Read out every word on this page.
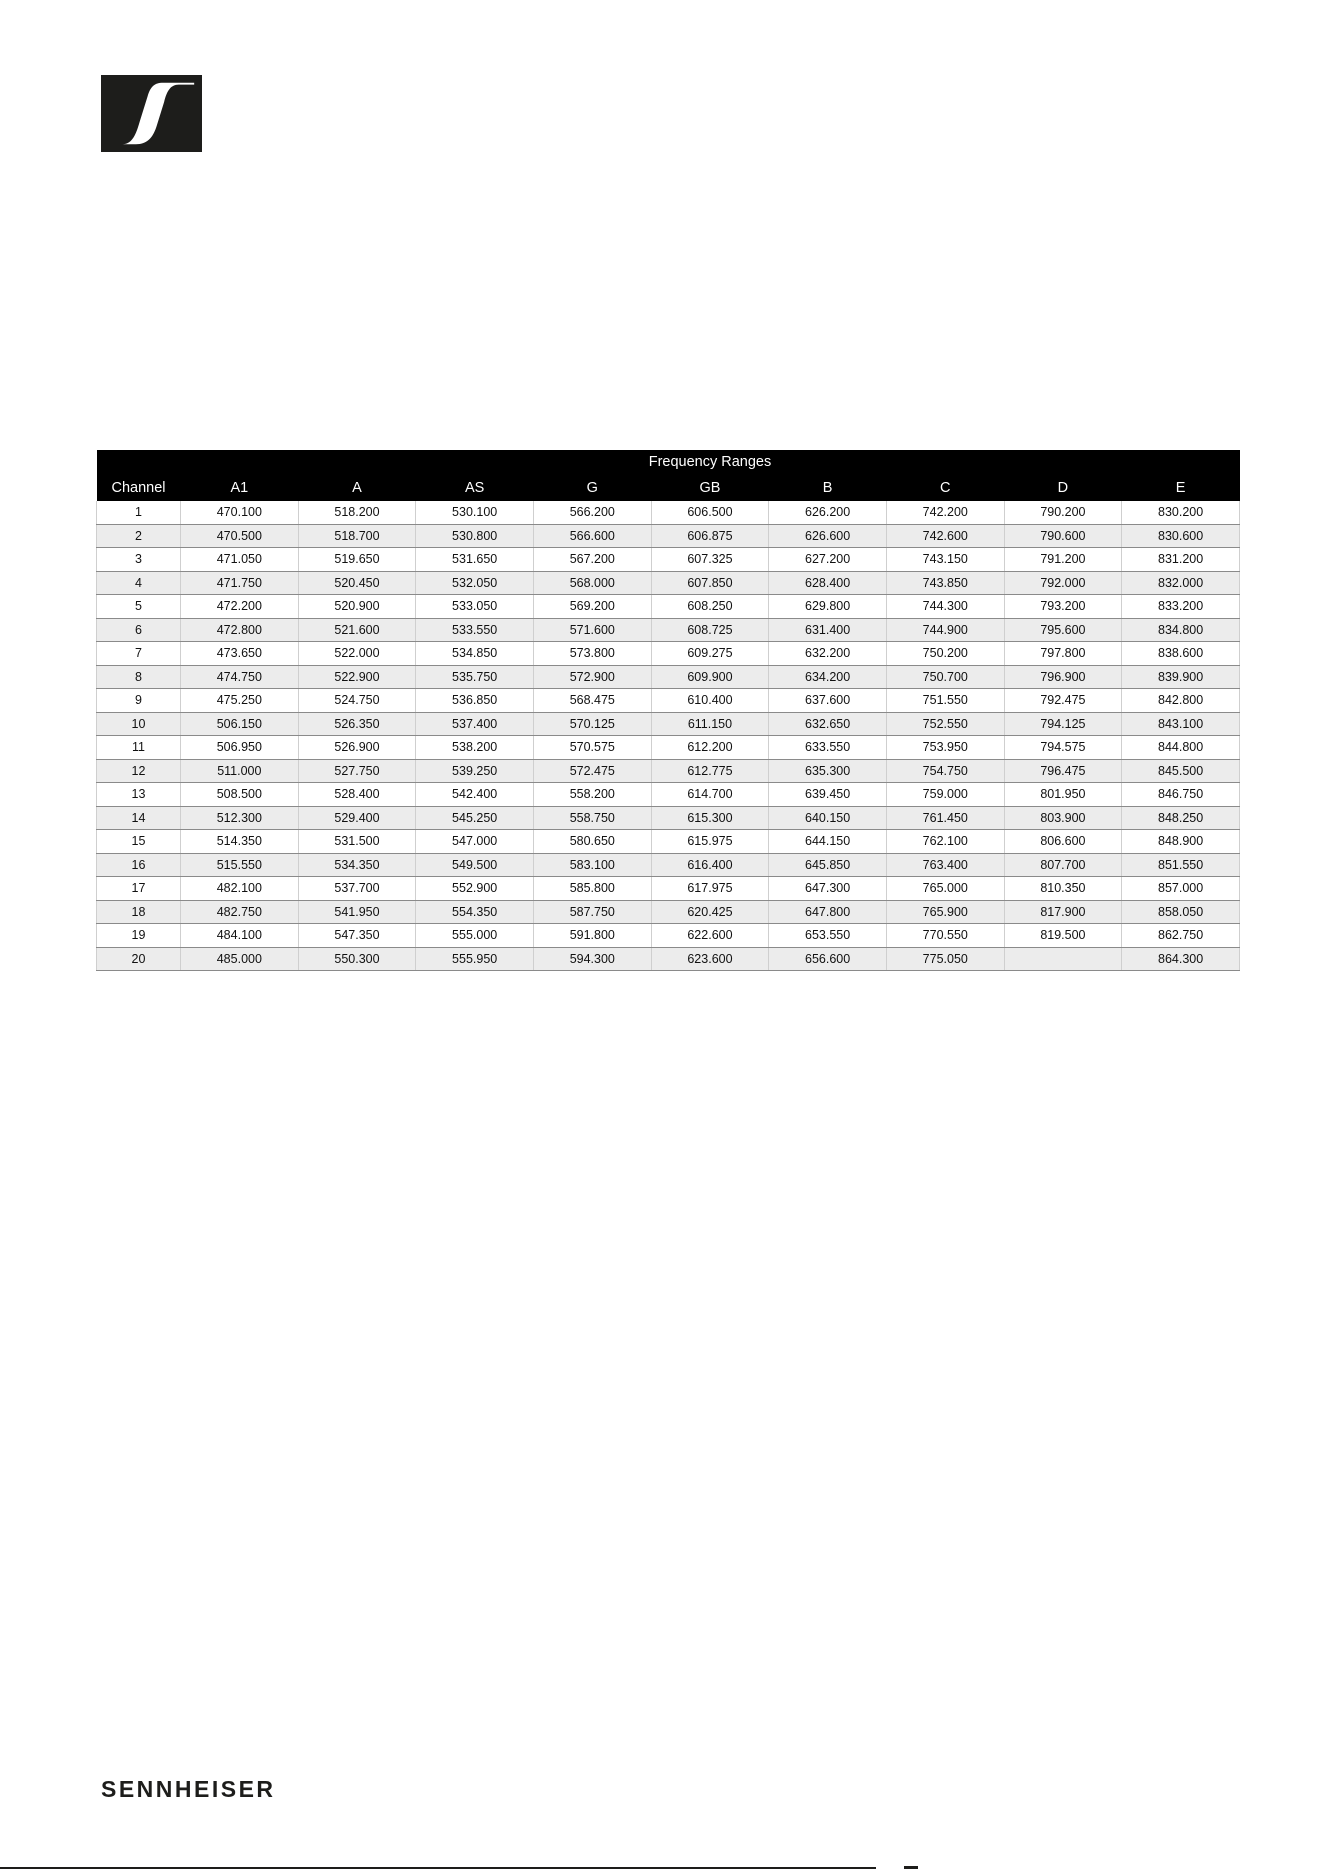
	Frequency Ranges								
Channel	A1	A	AS	G	GB	B	C	D	E
1	470.100	518.200	530.100	566.200	606.500	626.200	742.200	790.200	830.200
2	470.500	518.700	530.800	566.600	606.875	626.600	742.600	790.600	830.600
3	471.050	519.650	531.650	567.200	607.325	627.200	743.150	791.200	831.200
4	471.750	520.450	532.050	568.000	607.850	628.400	743.850	792.000	832.000
5	472.200	520.900	533.050	569.200	608.250	629.800	744.300	793.200	833.200
6	472.800	521.600	533.550	571.600	608.725	631.400	744.900	795.600	834.800
7	473.650	522.000	534.850	573.800	609.275	632.200	750.200	797.800	838.600
8	474.750	522.900	535.750	572.900	609.900	634.200	750.700	796.900	839.900
9	475.250	524.750	536.850	568.475	610.400	637.600	751.550	792.475	842.800
10	506.150	526.350	537.400	570.125	611.150	632.650	752.550	794.125	843.100
11	506.950	526.900	538.200	570.575	612.200	633.550	753.950	794.575	844.800
12	511.000	527.750	539.250	572.475	612.775	635.300	754.750	796.475	845.500
13	508.500	528.400	542.400	558.200	614.700	639.450	759.000	801.950	846.750
14	512.300	529.400	545.250	558.750	615.300	640.150	761.450	803.900	848.250
15	514.350	531.500	547.000	580.650	615.975	644.150	762.100	806.600	848.900
16	515.550	534.350	549.500	583.100	616.400	645.850	763.400	807.700	851.550
17	482.100	537.700	552.900	585.800	617.975	647.300	765.000	810.350	857.000
18	482.750	541.950	554.350	587.750	620.425	647.800	765.900	817.900	858.050
19	484.100	547.350	555.000	591.800	622.600	653.550	770.550	819.500	862.750
20	485.000	550.300	555.950	594.300	623.600	656.600	775.050		864.300
SENNHEISER
